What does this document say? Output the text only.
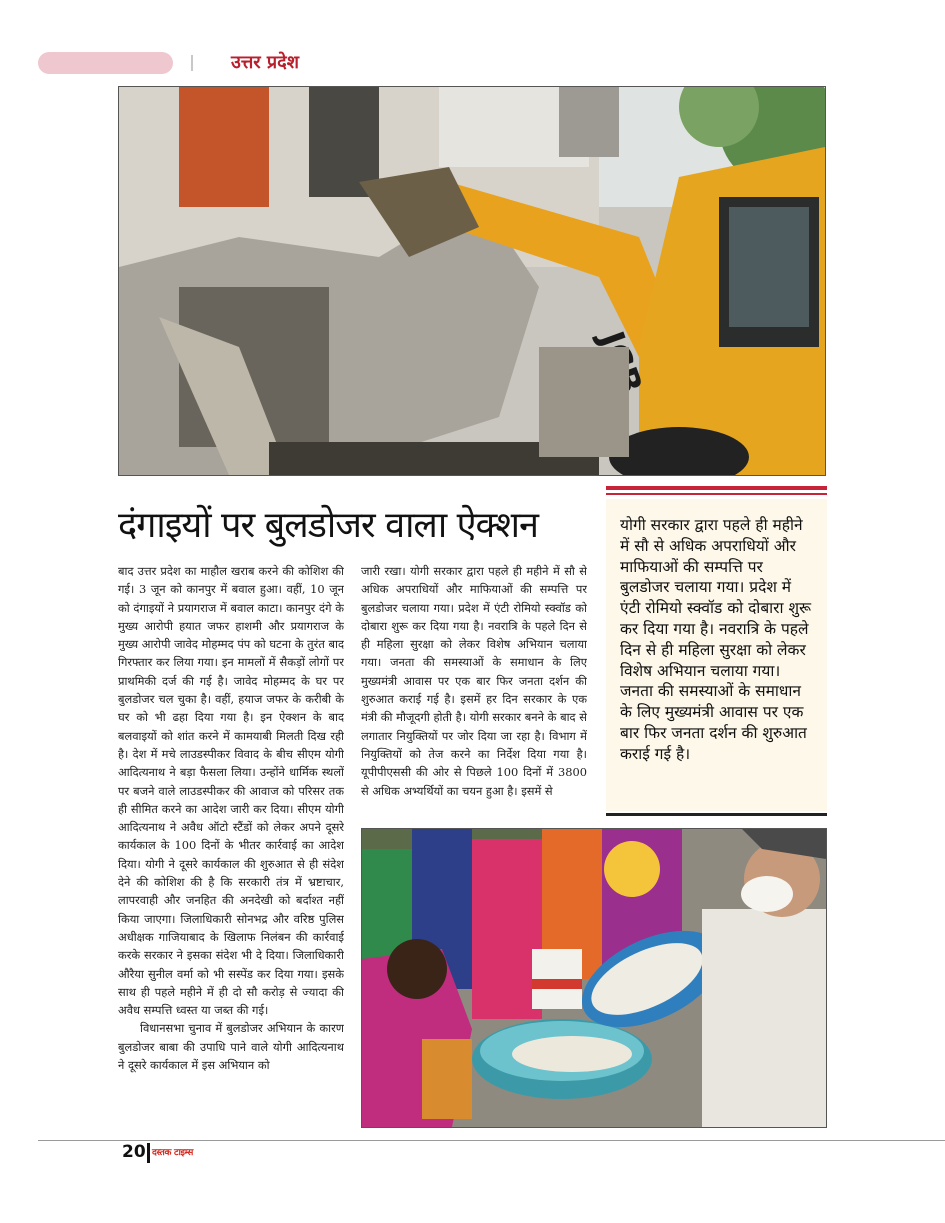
उत्तर प्रदेश
दंगाइयों पर बुलडोजर वाला ऐक्शन

बाद उत्तर प्रदेश का माहौल खराब करने की कोशिश की गई। 3 जून को कानपुर में बवाल हुआ। वहीं, 10 जून को दंगाइयों ने प्रयागराज में बवाल काटा। कानपुर दंगे के मुख्य आरोपी हयात जफर हाशमी और प्रयागराज के मुख्य आरोपी जावेद मोहम्मद पंप को घटना के तुरंत बाद गिरफ्तार कर लिया गया। इन मामलों में सैकड़ों लोगों पर प्राथमिकी दर्ज की गई है। जावेद मोहम्मद के घर पर बुलडोजर चल चुका है। वहीं, हयाज जफर के करीबी के घर को भी ढहा दिया गया है। इन ऐक्शन के बाद बलवाइयों को शांत करने में कामयाबी मिलती दिख रही है। देश में मचे लाउडस्पीकर विवाद के बीच सीएम योगी आदित्यनाथ ने बड़ा फैसला लिया। उन्होंने धार्मिक स्थलों पर बजने वाले लाउडस्पीकर की आवाज को परिसर तक ही सीमित करने का आदेश जारी कर दिया। सीएम योगी आदित्यनाथ ने अवैध ऑटो स्टैंडों को लेकर अपने दूसरे कार्यकाल के 100 दिनों के भीतर कार्रवाई का आदेश दिया। योगी ने दूसरे कार्यकाल की शुरुआत से ही संदेश देने की कोशिश की है कि सरकारी तंत्र में भ्रष्टाचार, लापरवाही और जनहित की अनदेखी को बर्दाश्त नहीं किया जाएगा। जिलाधिकारी सोनभद्र और वरिष्ठ पुलिस अधीक्षक गाजियाबाद के खिलाफ निलंबन की कार्रवाई करके सरकार ने इसका संदेश भी दे दिया। जिलाधिकारी औरैया सुनील वर्मा को भी सस्पेंड कर दिया गया। इसके साथ ही पहले महीने में ही दो सौ करोड़ से ज्यादा की अवैध सम्पत्ति ध्वस्त या जब्त की गई।

विधानसभा चुनाव में बुलडोजर अभियान के कारण बुलडोजर बाबा की उपाधि पाने वाले योगी आदित्यनाथ ने दूसरे कार्यकाल में इस अभियान को

जारी रखा। योगी सरकार द्वारा पहले ही महीने में सौ से अधिक अपराधियों और माफियाओं की सम्पत्ति पर बुलडोजर चलाया गया। प्रदेश में एंटी रोमियो स्क्वॉड को दोबारा शुरू कर दिया गया है। नवरात्रि के पहले दिन से ही महिला सुरक्षा को लेकर विशेष अभियान चलाया गया। जनता की समस्याओं के समाधान के लिए मुख्यमंत्री आवास पर एक बार फिर जनता दर्शन की शुरुआत कराई गई है। इसमें हर दिन सरकार के एक मंत्री की मौजूदगी होती है। योगी सरकार बनने के बाद से लगातार नियुक्तियों पर जोर दिया जा रहा है। विभाग में नियुक्तियों को तेज करने का निर्देश दिया गया है। यूपीपीएससी की ओर से पिछले 100 दिनों में 3800 से अधिक अभ्यर्थियों का चयन हुआ है। इसमें से

योगी सरकार द्वारा पहले ही महीने में सौ से अधिक अपराधियों और माफियाओं की सम्पत्ति पर बुलडोजर चलाया गया। प्रदेश में एंटी रोमियो स्क्वॉड को दोबारा शुरू कर दिया गया है। नवरात्रि के पहले दिन से ही महिला सुरक्षा को लेकर विशेष अभियान चलाया गया। जनता की समस्याओं के समाधान के लिए मुख्यमंत्री आवास पर एक बार फिर जनता दर्शन की शुरुआत कराई गई है।

20 दस्तक टाइम्स
